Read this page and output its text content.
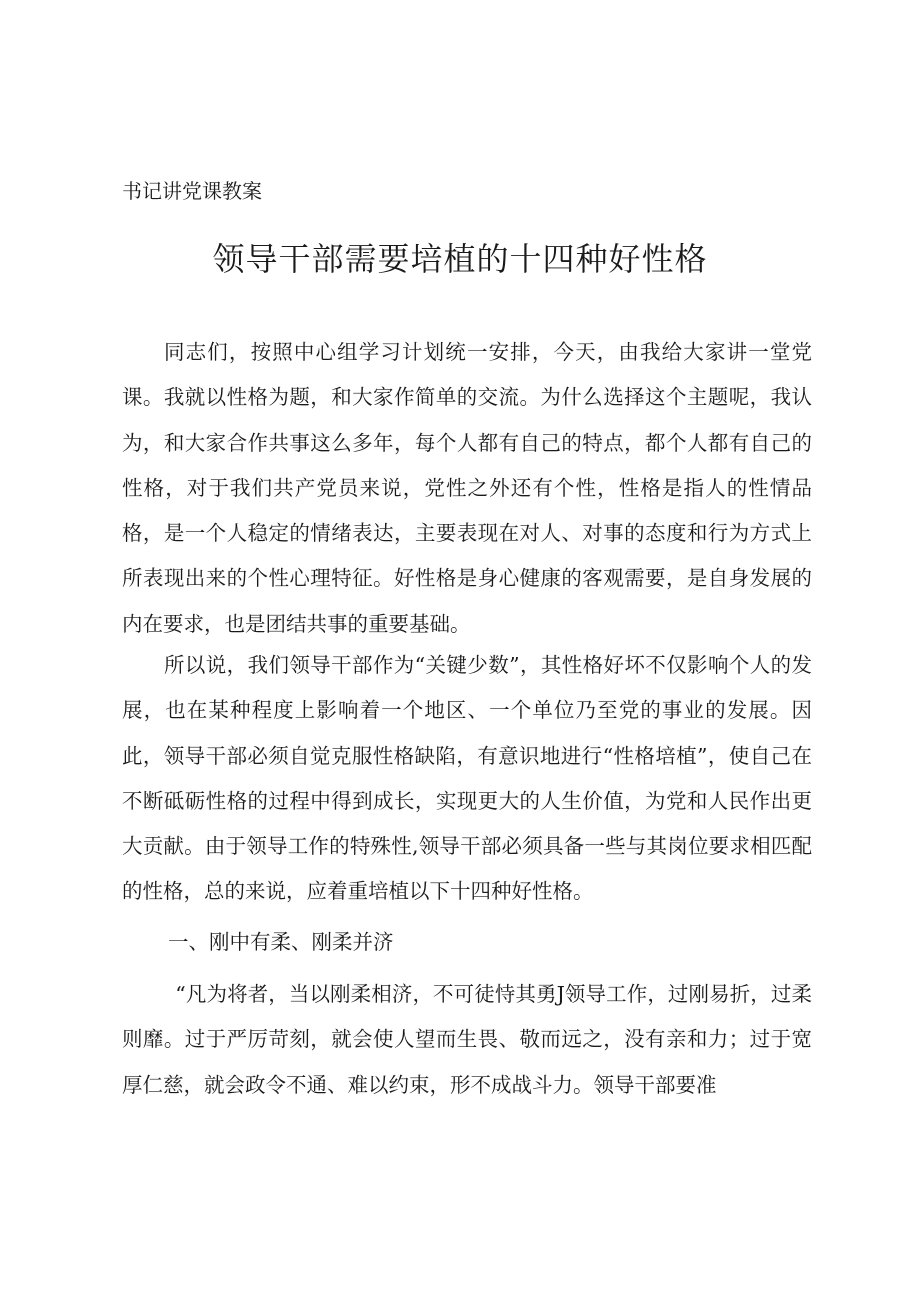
书记讲党课教案
领导干部需要培植的十四种好性格

同志们，按照中心组学习计划统一安排，今天，由我给大家讲一堂党课。我就以性格为题，和大家作简单的交流。为什么选择这个主题呢，我认为，和大家合作共事这么多年，每个人都有自己的特点，都个人都有自己的性格，对于我们共产党员来说，党性之外还有个性，性格是指人的性情品格，是一个人稳定的情绪表达，主要表现在对人、对事的态度和行为方式上所表现出来的个性心理特征。好性格是身心健康的客观需要，是自身发展的内在要求，也是团结共事的重要基础。

所以说，我们领导干部作为“关键少数”，其性格好坏不仅影响个人的发展，也在某种程度上影响着一个地区、一个单位乃至党的事业的发展。因此，领导干部必须自觉克服性格缺陷，有意识地进行“性格培植”，使自己在不断砥砺性格的过程中得到成长，实现更大的人生价值，为党和人民作出更大贡献。由于领导工作的特殊性,领导干部必须具备一些与其岗位要求相匹配的性格，总的来说，应着重培植以下十四种好性格。

一、刚中有柔、刚柔并济

“凡为将者，当以刚柔相济，不可徒恃其勇J领导工作，过刚易折，过柔则靡。过于严厉苛刻，就会使人望而生畏、敬而远之，没有亲和力；过于宽厚仁慈，就会政令不通、难以约束，形不成战斗力。领导干部要准
